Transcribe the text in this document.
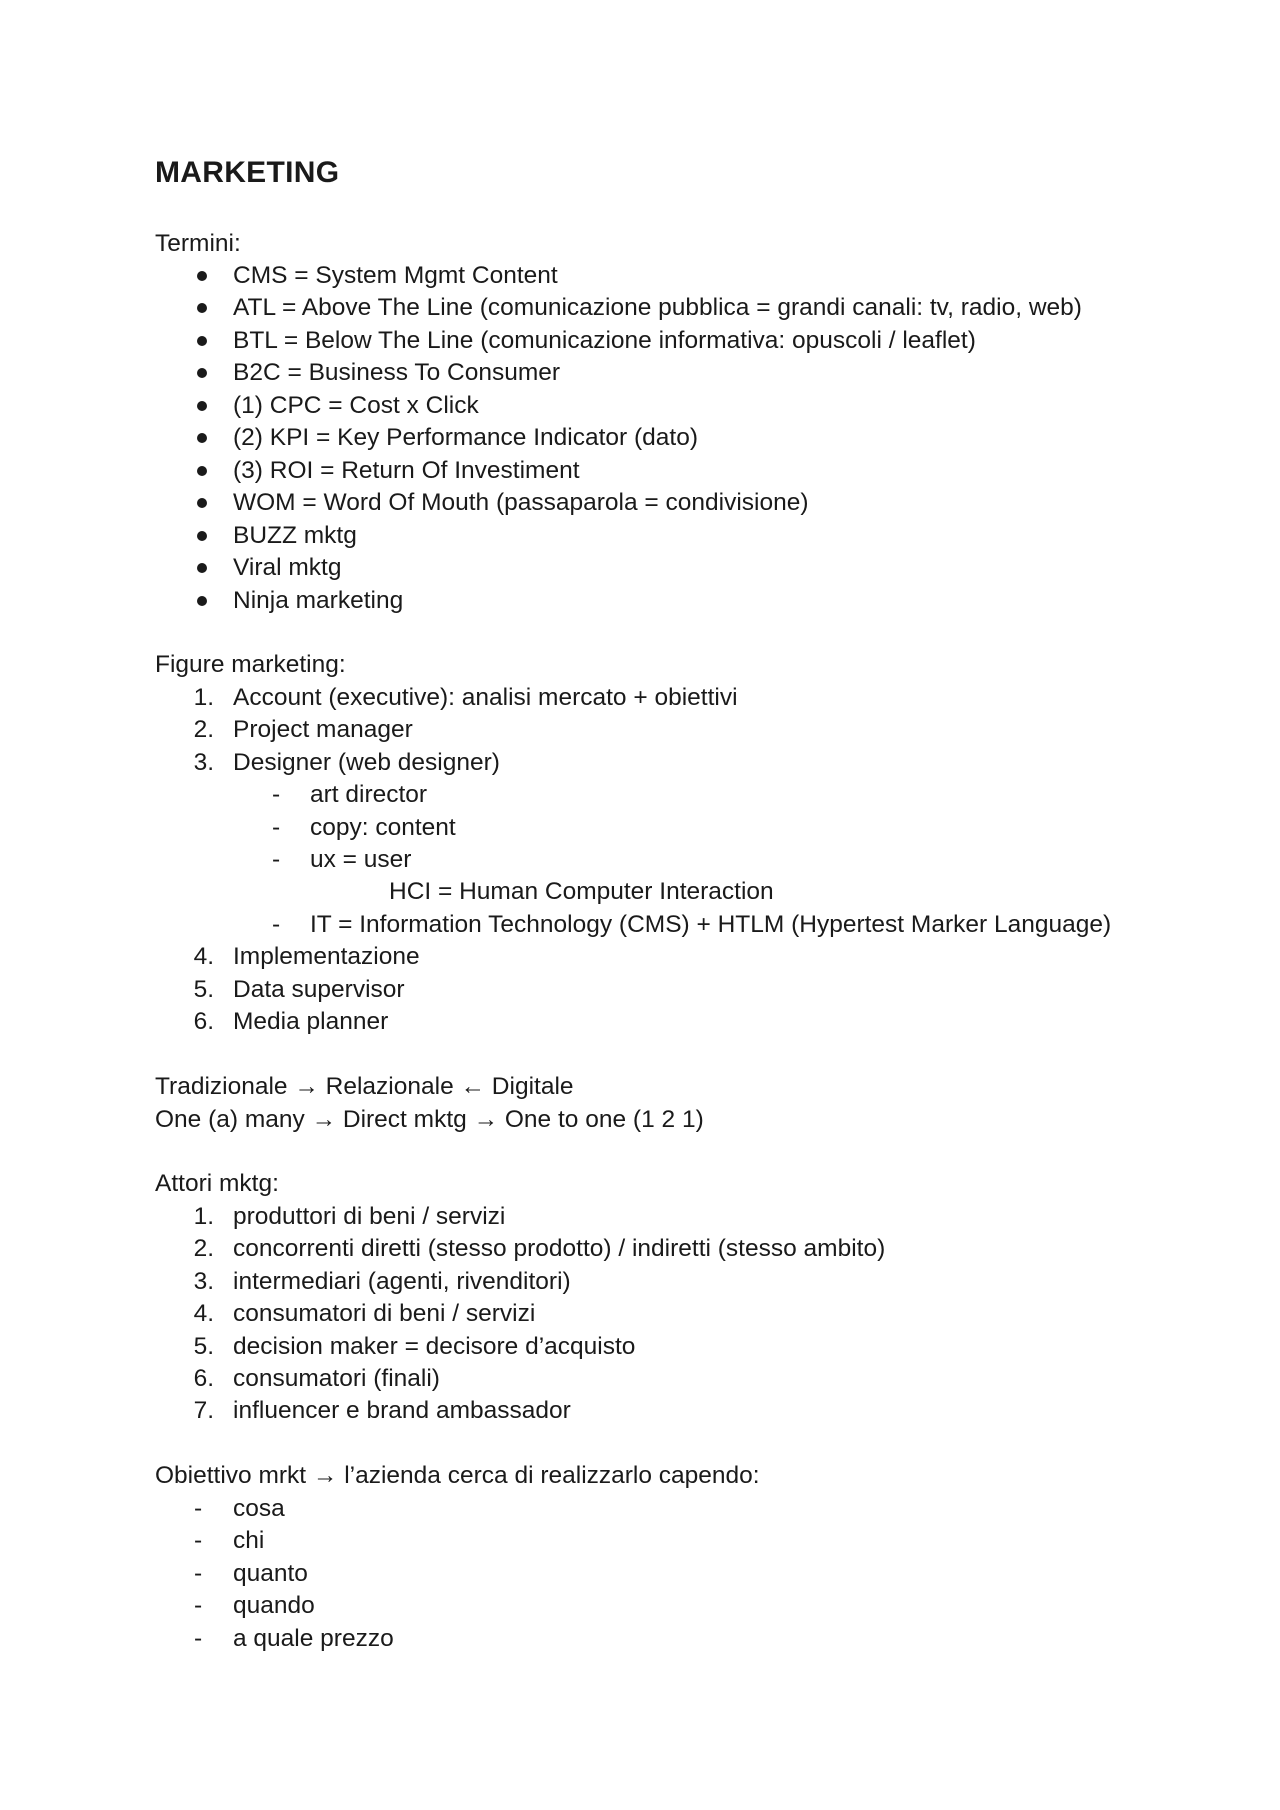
MARKETING
Termini:
CMS = System Mgmt Content
ATL = Above The Line (comunicazione pubblica = grandi canali: tv, radio, web)
BTL = Below The Line (comunicazione informativa: opuscoli / leaflet)
B2C = Business To Consumer
(1) CPC = Cost x Click
(2) KPI = Key Performance Indicator (dato)
(3) ROI = Return Of Investiment
WOM = Word Of Mouth (passaparola = condivisione)
BUZZ mktg
Viral mktg
Ninja marketing
Figure marketing:
1. Account (executive): analisi mercato + obiettivi
2. Project manager
3. Designer (web designer)
- art director
- copy: content
- ux = user
HCI = Human Computer Interaction
- IT = Information Technology (CMS) + HTLM (Hypertest Marker Language)
4. Implementazione
5. Data supervisor
6. Media planner
Tradizionale → Relazionale ← Digitale
One (a) many → Direct mktg → One to one (1 2 1)
Attori mktg:
1. produttori di beni / servizi
2. concorrenti diretti (stesso prodotto) / indiretti (stesso ambito)
3. intermediari (agenti, rivenditori)
4. consumatori di beni / servizi
5. decision maker = decisore d’acquisto
6. consumatori (finali)
7. influencer e brand ambassador
Obiettivo mrkt → l’azienda cerca di realizzarlo capendo:
- cosa
- chi
- quanto
- quando
- a quale prezzo
